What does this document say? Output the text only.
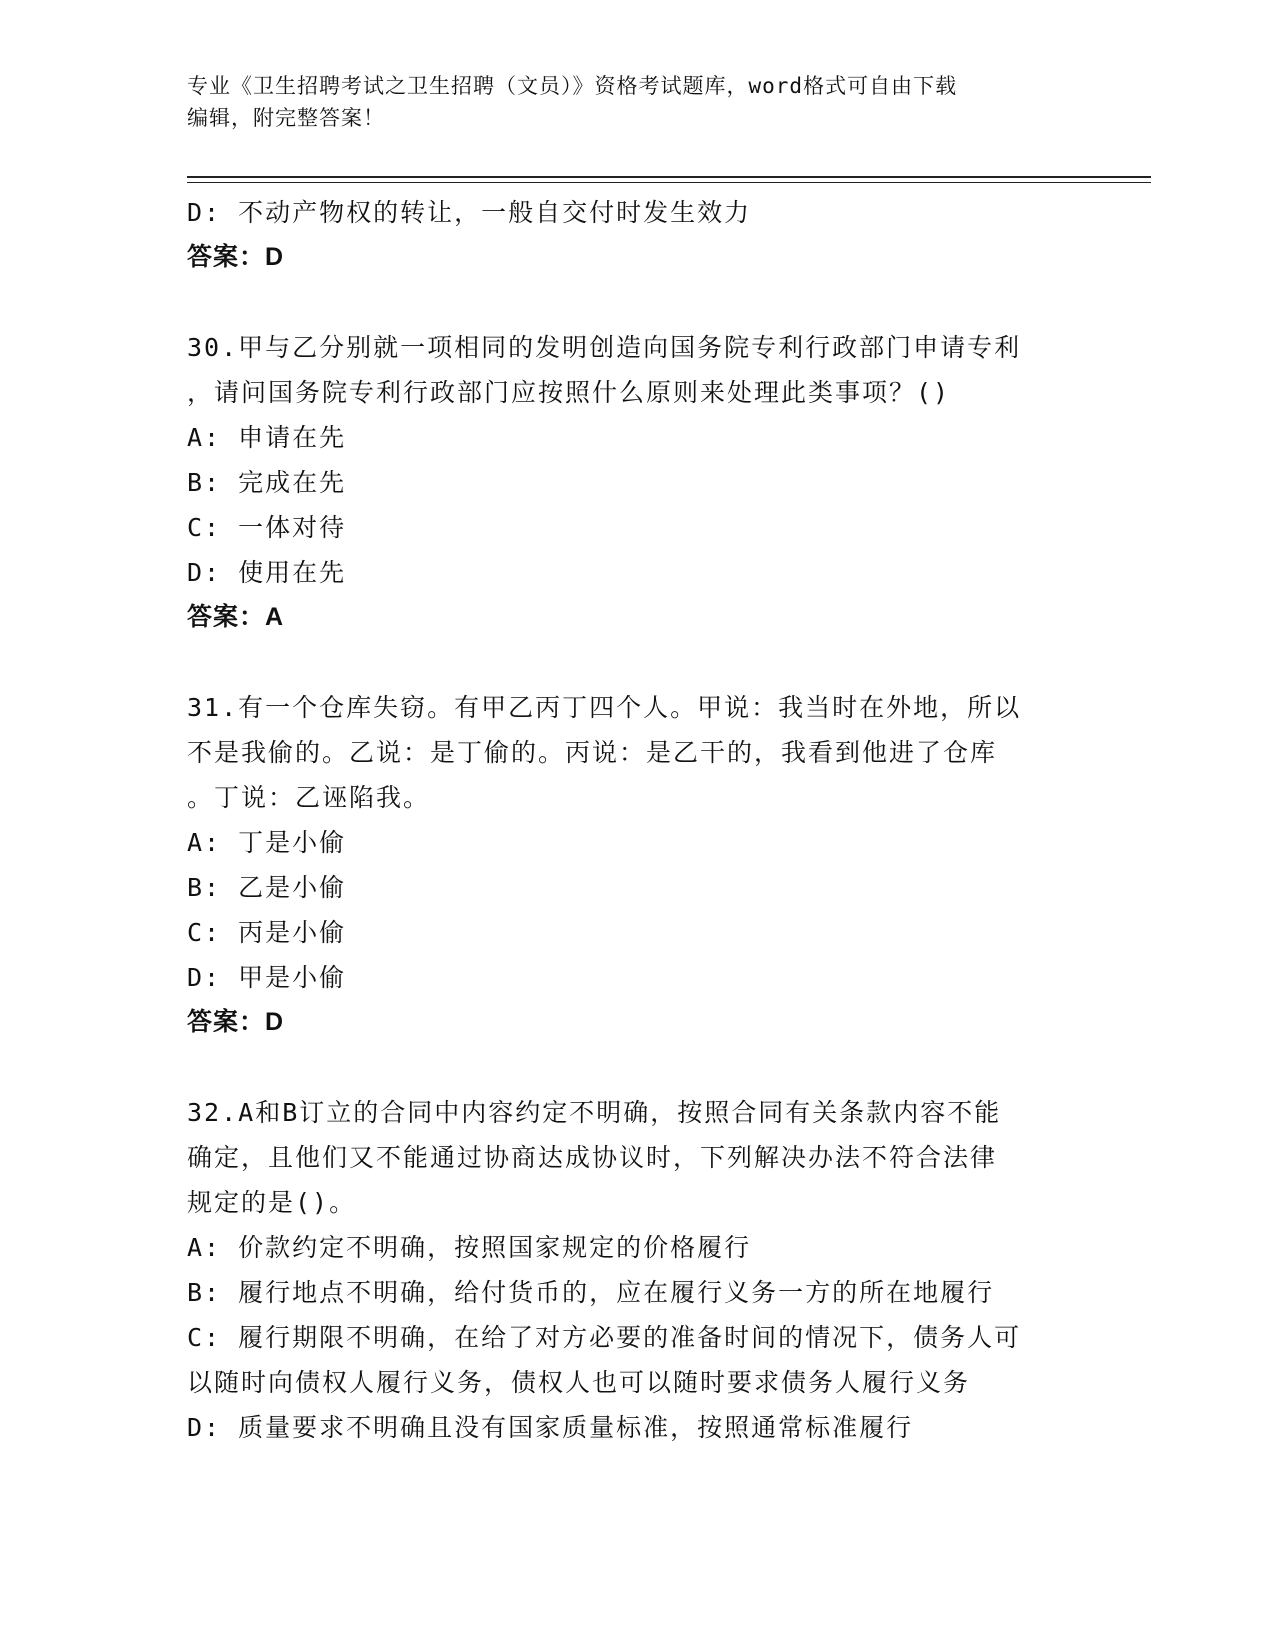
专业《卫生招聘考试之卫生招聘（文员）》资格考试题库，word格式可自由下载
编辑，附完整答案！
D: 不动产物权的转让，一般自交付时发生效力
答案：D
30.甲与乙分别就一项相同的发明创造向国务院专利行政部门申请专利
，请问国务院专利行政部门应按照什么原则来处理此类事项？()
A: 申请在先
B: 完成在先
C: 一体对待
D: 使用在先
答案：A
31.有一个仓库失窃。有甲乙丙丁四个人。甲说：我当时在外地，所以
不是我偷的。乙说：是丁偷的。丙说：是乙干的，我看到他进了仓库
。丁说：乙诬陷我。
A: 丁是小偷
B: 乙是小偷
C: 丙是小偷
D: 甲是小偷
答案：D
32.A和B订立的合同中内容约定不明确，按照合同有关条款内容不能
确定，且他们又不能通过协商达成协议时，下列解决办法不符合法律
规定的是()。
A: 价款约定不明确，按照国家规定的价格履行
B: 履行地点不明确，给付货币的，应在履行义务一方的所在地履行
C: 履行期限不明确，在给了对方必要的准备时间的情况下，债务人可
以随时向债权人履行义务，债权人也可以随时要求债务人履行义务
D: 质量要求不明确且没有国家质量标准，按照通常标准履行
